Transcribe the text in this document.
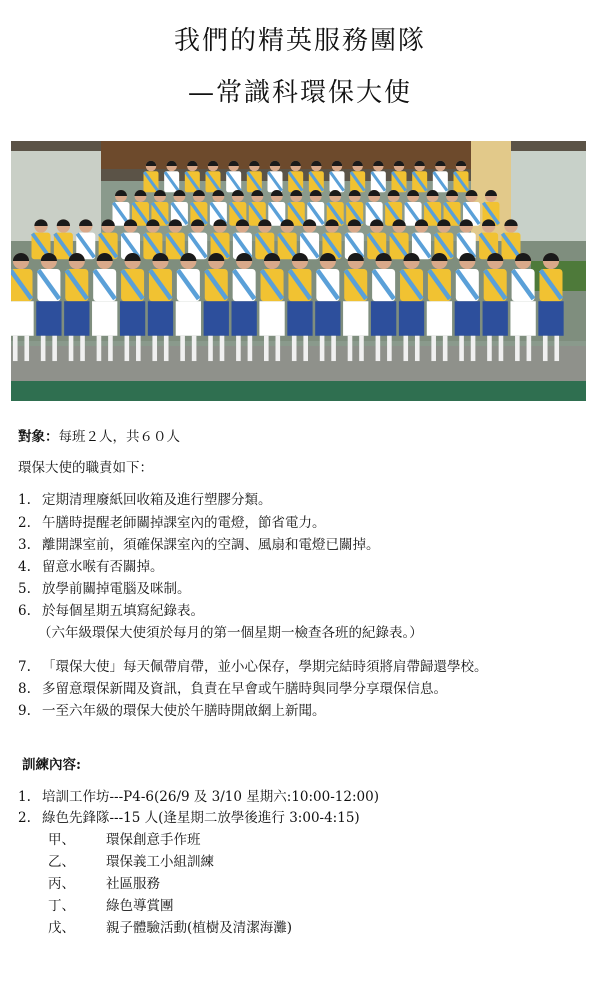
我們的精英服務團隊
—常識科環保大使
對象：每班２人，共６０人
環保大使的職責如下：
1. 定期清理廢紙回收箱及進行塑膠分類。
2. 午膳時提醒老師關掉課室內的電燈，節省電力。
3. 離開課室前，須確保課室內的空調、風扇和電燈已關掉。
4. 留意水喉有否關掉。
5. 放學前關掉電腦及咪制。
6. 於每個星期五填寫紀錄表。
（六年級環保大使須於每月的第一個星期一檢查各班的紀錄表。）
7. 「環保大使」每天佩帶肩帶，並小心保存，學期完結時須將肩帶歸還學校。
8. 多留意環保新聞及資訊，負責在早會或午膳時與同學分享環保信息。
9. 一至六年級的環保大使於午膳時開啟網上新聞。
訓練內容:
1. 培訓工作坊---P4-6(26/9 及 3/10 星期六:10:00-12:00)
2. 綠色先鋒隊---15 人(逢星期二放學後進行 3:00-4:15)
甲、 環保創意手作班
乙、 環保義工小組訓練
丙、 社區服務
丁、 綠色導賞團
戊、 親子體驗活動(植樹及清潔海灘)
